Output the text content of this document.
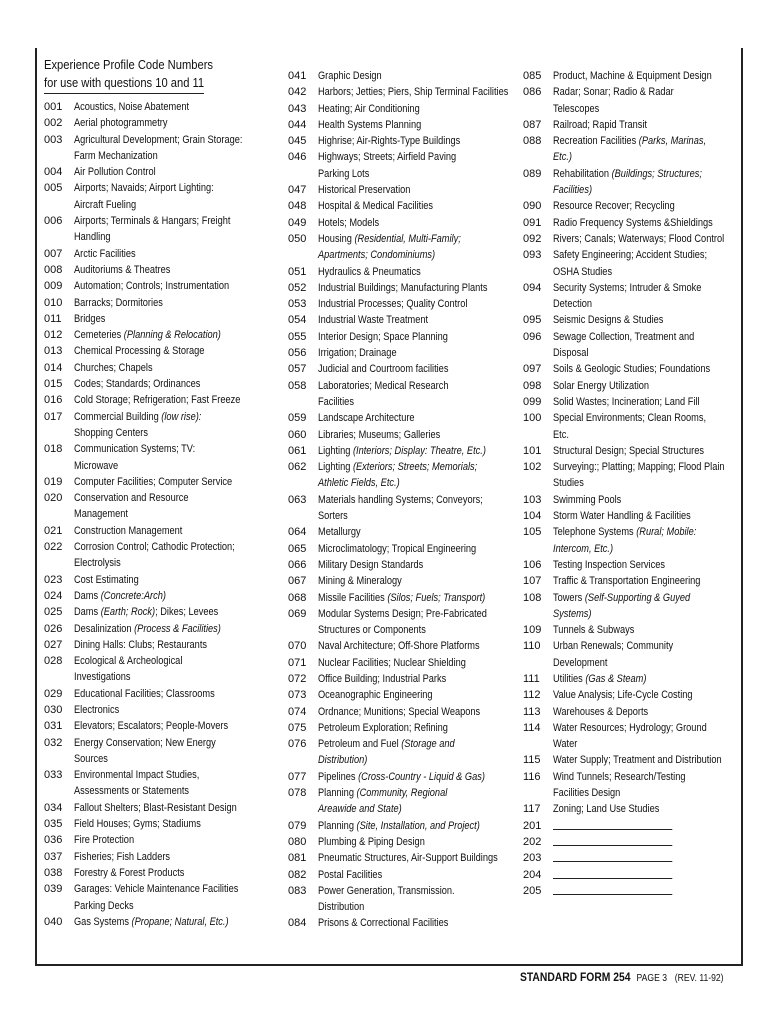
Experience Profile Code Numbers
for use with questions 10 and 11
001	Acoustics, Noise Abatement
002	Aerial photogrammetry
003	Agricultural Development; Grain Storage:
Farm Mechanization
004	Air Pollution Control
005	Airports; Navaids; Airport Lighting:
Aircraft Fueling
006	Airports; Terminals & Hangars; Freight
Handling
007	Arctic Facilities
008	Auditoriums & Theatres
009	Automation; Controls; Instrumentation
010	Barracks; Dormitories
011	Bridges
012	Cemeteries (Planning & Relocation)
013	Chemical Processing & Storage
014	Churches; Chapels
015	Codes; Standards; Ordinances
016	Cold Storage; Refrigeration; Fast Freeze
017	Commercial Building (low rise):
Shopping Centers
018	Communication Systems; TV:
Microwave
019	Computer Facilities; Computer Service
020	Conservation and Resource
Management
021	Construction Management
022	Corrosion Control; Cathodic Protection;
Electrolysis
023	Cost Estimating
024	Dams (Concrete:Arch)
025	Dams (Earth; Rock); Dikes; Levees
026	Desalinization (Process & Facilities)
027	Dining Halls: Clubs; Restaurants
028	Ecological & Archeological
Investigations
029	Educational Facilities; Classrooms
030	Electronics
031	Elevators; Escalators; People-Movers
032	Energy Conservation; New Energy
Sources
033	Environmental Impact Studies,
Assessments or Statements
034	Fallout Shelters; Blast-Resistant Design
035	Field Houses; Gyms; Stadiums
036	Fire Protection
037	Fisheries; Fish Ladders
038	Forestry & Forest Products
039	Garages: Vehicle Maintenance Facilities
Parking Decks
040	Gas Systems (Propane; Natural, Etc.)
041	Graphic Design
042	Harbors; Jetties; Piers, Ship Terminal Facilities
043	Heating; Air Conditioning
044	Health Systems Planning
045	Highrise; Air-Rights-Type Buildings
046	Highways; Streets; Airfield Paving
Parking Lots
047	Historical Preservation
048	Hospital & Medical Facilities
049	Hotels; Models
050	Housing (Residential, Multi-Family;
Apartments; Condominiums)
051	Hydraulics & Pneumatics
052	Industrial Buildings; Manufacturing Plants
053	Industrial Processes; Quality Control
054	Industrial Waste Treatment
055	Interior Design; Space Planning
056	Irrigation; Drainage
057	Judicial and Courtroom facilities
058	Laboratories; Medical Research
Facilities
059	Landscape Architecture
060	Libraries; Museums; Galleries
061	Lighting (Interiors; Display: Theatre, Etc.)
062	Lighting (Exteriors; Streets; Memorials;
Athletic Fields, Etc.)
063	Materials handling Systems; Conveyors;
Sorters
064	Metallurgy
065	Microclimatology; Tropical Engineering
066	Military Design Standards
067	Mining & Mineralogy
068	Missile Facilities (Silos; Fuels; Transport)
069	Modular Systems Design; Pre-Fabricated
Structures or Components
070	Naval Architecture; Off-Shore Platforms
071	Nuclear Facilities; Nuclear Shielding
072	Office Building; Industrial Parks
073	Oceanographic Engineering
074	Ordnance; Munitions; Special Weapons
075	Petroleum Exploration; Refining
076	Petroleum and Fuel (Storage and
Distribution)
077	Pipelines (Cross-Country - Liquid & Gas)
078	Planning (Community, Regional
Areawide and State)
079	Planning (Site, Installation, and Project)
080	Plumbing & Piping Design
081	Pneumatic Structures, Air-Support Buildings
082	Postal Facilities
083	Power Generation, Transmission.
Distribution
084	Prisons & Correctional Facilities
085	Product, Machine & Equipment Design
086	Radar; Sonar; Radio & Radar
Telescopes
087	Railroad; Rapid Transit
088	Recreation Facilities (Parks, Marinas,
Etc.)
089	Rehabilitation (Buildings; Structures;
Facilities)
090	Resource Recover; Recycling
091	Radio Frequency Systems &Shieldings
092	Rivers; Canals; Waterways; Flood Control
093	Safety Engineering; Accident Studies;
OSHA Studies
094	Security Systems; Intruder & Smoke
Detection
095	Seismic Designs & Studies
096	Sewage Collection, Treatment and
Disposal
097	Soils & Geologic Studies; Foundations
098	Solar Energy Utilization
099	Solid Wastes; Incineration; Land Fill
100	Special Environments; Clean Rooms,
Etc.
101	Structural Design; Special Structures
102	Surveying:; Platting; Mapping; Flood Plain
Studies
103	Swimming Pools
104	Storm Water Handling & Facilities
105	Telephone Systems (Rural; Mobile:
Intercom, Etc.)
106	Testing Inspection Services
107	Traffic & Transportation Engineering
108	Towers (Self-Supporting & Guyed
Systems)
109	Tunnels & Subways
110	Urban Renewals; Community
Development
111	Utilities (Gas & Steam)
112	Value Analysis; Life-Cycle Costing
113	Warehouses & Deports
114	Water Resources; Hydrology; Ground
Water
115	Water Supply; Treatment and Distribution
116	Wind Tunnels; Research/Testing
Facilities Design
117	Zoning; Land Use Studies
201
202
203
204
205
STANDARD FORM 254 PAGE 3 (REV. 11-92)
